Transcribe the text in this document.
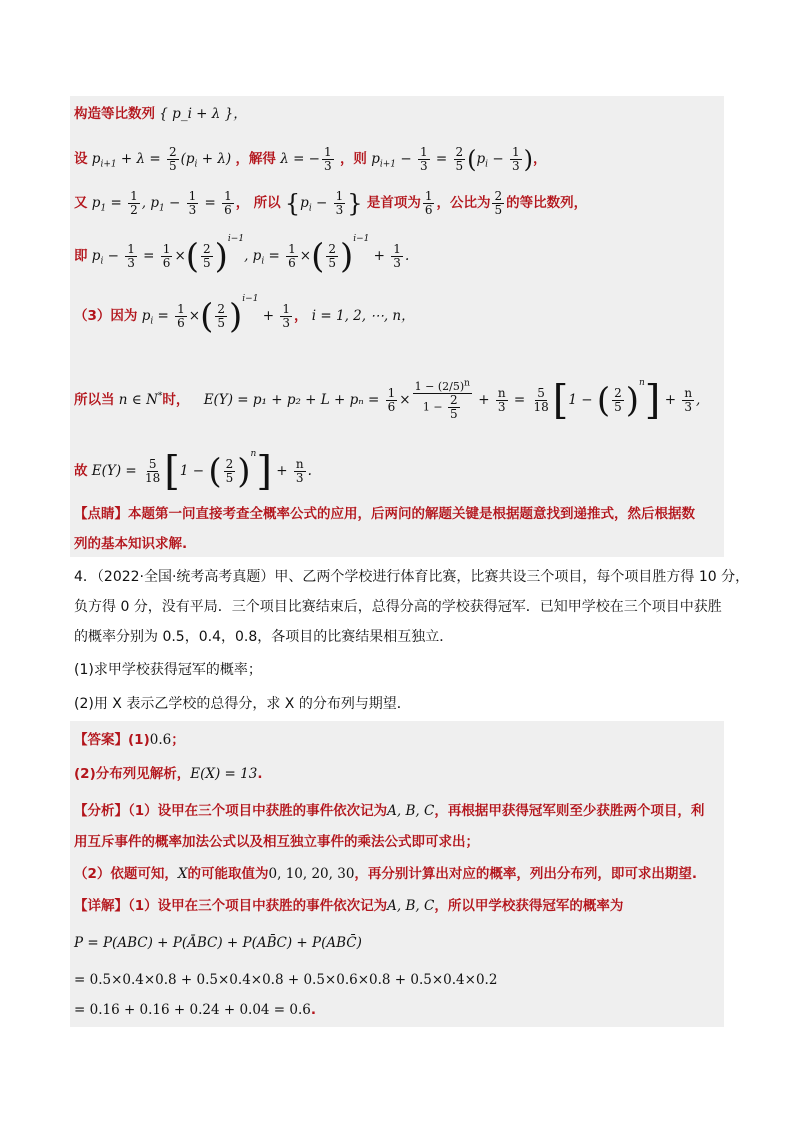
构造等比数列 { p_i + λ }，
设 $p_{i+1} + \lambda = \frac{2}{5} (p_i + \lambda)$ ，解得 λ = − $\frac{1}{3}$ ，则 $p_{i+1} - \frac{1}{3} = \frac{2}{5} (p_i - \frac{1}{3}$ )，
又 $p_1 = \frac{1}{2}$ , $p_1 - \frac{1}{3} = \frac{1}{6}$ ， 所以 {$p_i - \frac{1}{3}$ } 是首项为 $\frac{1}{6}$ ，公比为 $\frac{2}{5}$ 的等比数列，
即 $p_i - \frac{1}{3} = \frac{1}{6}$ ×( $\frac{2}{5} )^{i-1}$, $p_i = \frac{1}{6}$ ×( $\frac{2}{5} )^{i-1} + \frac{1}{3}$ .
（3）因为 $p_i = \frac{1}{6}$ ×( $\frac{2}{5} )^{i-1} + \frac{1}{3}$ ， i = 1, 2, ⋯, n，
所以当 n ∈ N*时， $E(Y) = p_1 + p_2 + L + p_n = \frac{1}{6} \times \frac{1 - (2/5)^n}{1 - \frac{2}{5}} + \frac{n}{3} = \frac{5}{18} [1$ − ( $\frac{2}{5} )^n] + \frac{n}{3}$ ,
故 $E(Y) = \frac{5}{18} [1$ − ( $\frac{2}{5} )^n] + \frac{n}{3}$ .
【点睛】本题第一问直接考查全概率公式的应用，后两问的解题关键是根据题意找到递推式，然后根据数
列的基本知识求解.
4．（2022·全国·统考高考真题）甲、乙两个学校进行体育比赛，比赛共设三个项目，每个项目胜方得 10 分，
负方得 0 分，没有平局．三个项目比赛结束后，总得分高的学校获得冠军．已知甲学校在三个项目中获胜
的概率分别为 0.5，0.4，0.8，各项目的比赛结果相互独立．
(1)求甲学校获得冠军的概率；
(2)用 X 表示乙学校的总得分，求 X 的分布列与期望．
【答案】(1)0.6；
(2)分布列见解析，E(X) = 13.
【分析】（1）设甲在三个项目中获胜的事件依次记为A, B, C，再根据甲获得冠军则至少获胜两个项目，利
用互斥事件的概率加法公式以及相互独立事件的乘法公式即可求出；
（2）依题可知，X的可能取值为0, 10, 20, 30，再分别计算出对应的概率，列出分布列，即可求出期望.
【详解】（1）设甲在三个项目中获胜的事件依次记为A, B, C，所以甲学校获得冠军的概率为
P = P(ABC) + P(ĀBC) + P(AB̄C) + P(ABC̄)
= 0.5×0.4×0.8 + 0.5×0.4×0.8 + 0.5×0.6×0.8 + 0.5×0.4×0.2
= 0.16 + 0.16 + 0.24 + 0.04 = 0.6.
